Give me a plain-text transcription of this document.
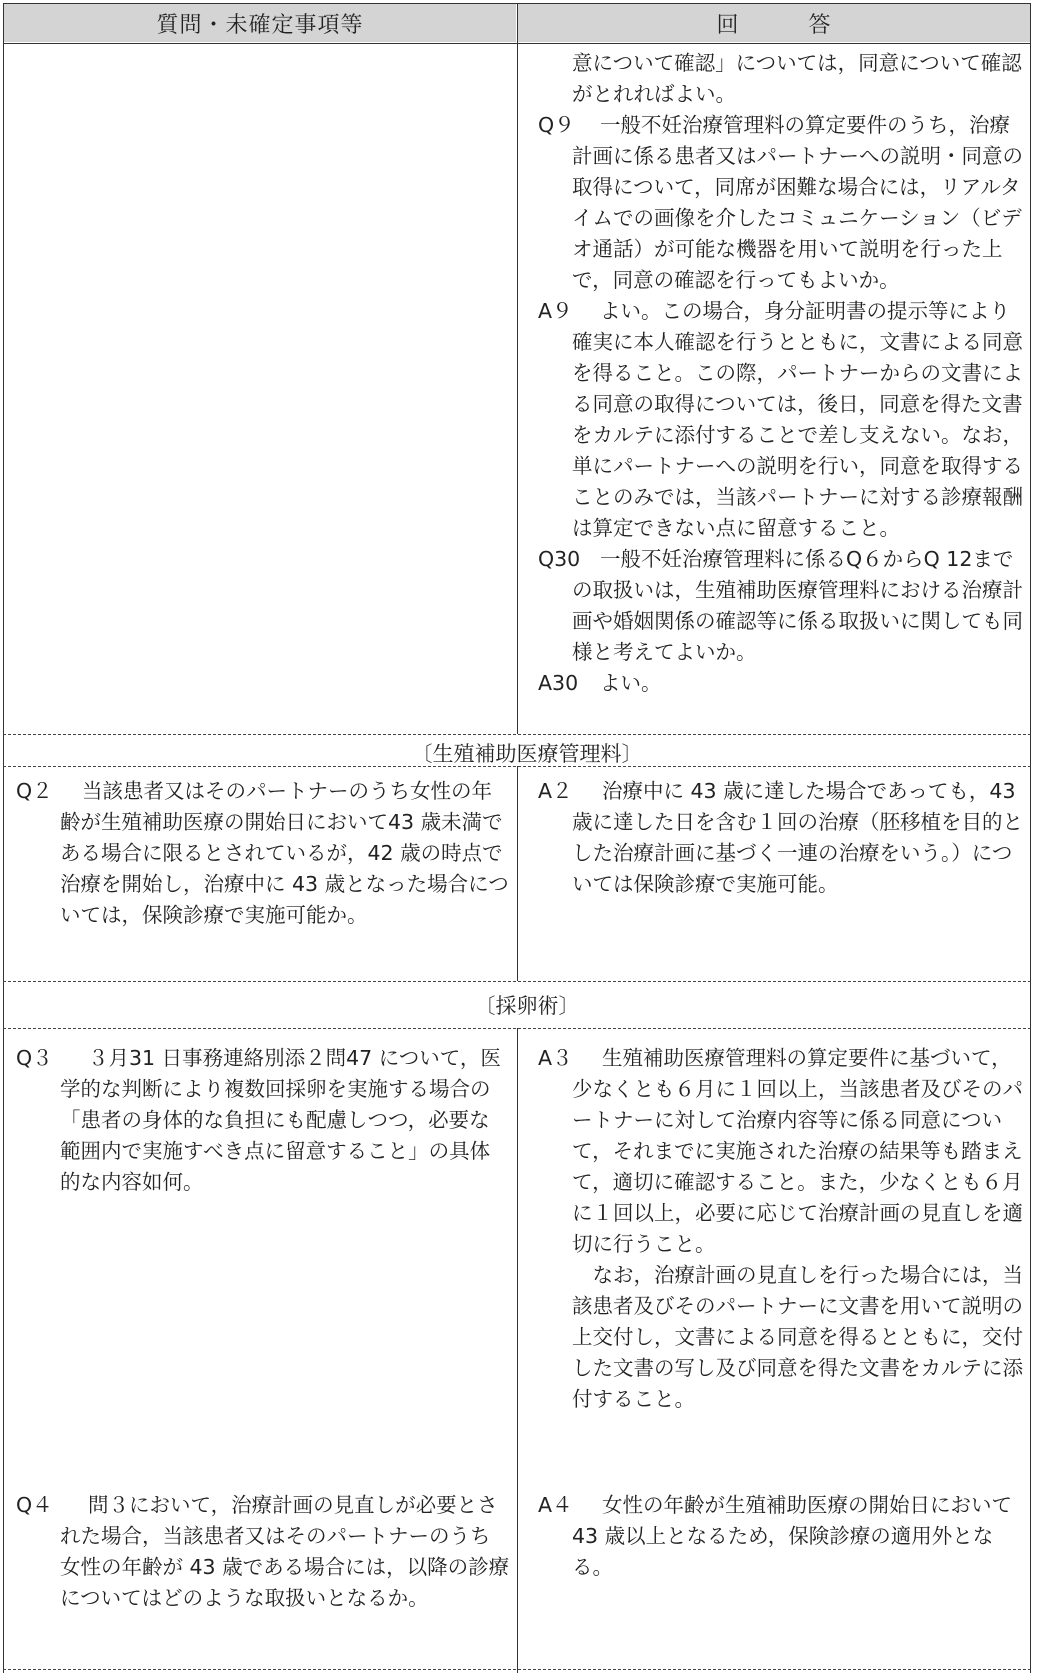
質問・未確定事項等	回　　　答
意について確認」については，同意について確認がとれればよい。
Q９	一般不妊治療管理料の算定要件のうち，治療計画に係る患者又はパートナーへの説明・同意の取得について，同席が困難な場合には，リアルタイムでの画像を介したコミュニケーション（ビデオ通話）が可能な機器を用いて説明を行った上で，同意の確認を行ってもよいか。
A９	よい。この場合，身分証明書の提示等により確実に本人確認を行うとともに，文書による同意を得ること。この際，パートナーからの文書による同意の取得については，後日，同意を得た文書をカルテに添付することで差し支えない。なお，単にパートナーへの説明を行い，同意を取得することのみでは，当該パートナーに対する診療報酬は算定できない点に留意すること。
Q30 一般不妊治療管理料に係るQ６からQ 12までの取扱いは，生殖補助医療管理料における治療計画や婚姻関係の確認等に係る取扱いに関しても同様と考えてよいか。
A30	よい。
〔生殖補助医療管理料〕
Q２	当該患者又はそのパートナーのうち女性の年齢が生殖補助医療の開始日において43 歳未満である場合に限るとされているが，42 歳の時点で治療を開始し，治療中に 43 歳となった場合については，保険診療で実施可能か。
A２	治療中に 43 歳に達した場合であっても，43 歳に達した日を含む１回の治療（胚移植を目的とした治療計画に基づく一連の治療をいう。）については保険診療で実施可能。
〔採卵術〕
Q３	３月31 日事務連絡別添２問47 について，医学的な判断により複数回採卵を実施する場合の「患者の身体的な負担にも配慮しつつ，必要な範囲内で実施すべき点に留意すること」の具体的な内容如何。
A３	生殖補助医療管理料の算定要件に基づいて，少なくとも６月に１回以上，当該患者及びそのパートナーに対して治療内容等に係る同意について，それまでに実施された治療の結果等も踏まえて，適切に確認すること。また，少なくとも６月に１回以上，必要に応じて治療計画の見直しを適切に行うこと。
なお，治療計画の見直しを行った場合には，当該患者及びそのパートナーに文書を用いて説明の上交付し，文書による同意を得るとともに，交付した文書の写し及び同意を得た文書をカルテに添付すること。
Q４	問３において，治療計画の見直しが必要とされた場合，当該患者又はそのパートナーのうち女性の年齢が 43 歳である場合には，以降の診療についてはどのような取扱いとなるか。
A４	女性の年齢が生殖補助医療の開始日において 43 歳以上となるため，保険診療の適用外となる。
